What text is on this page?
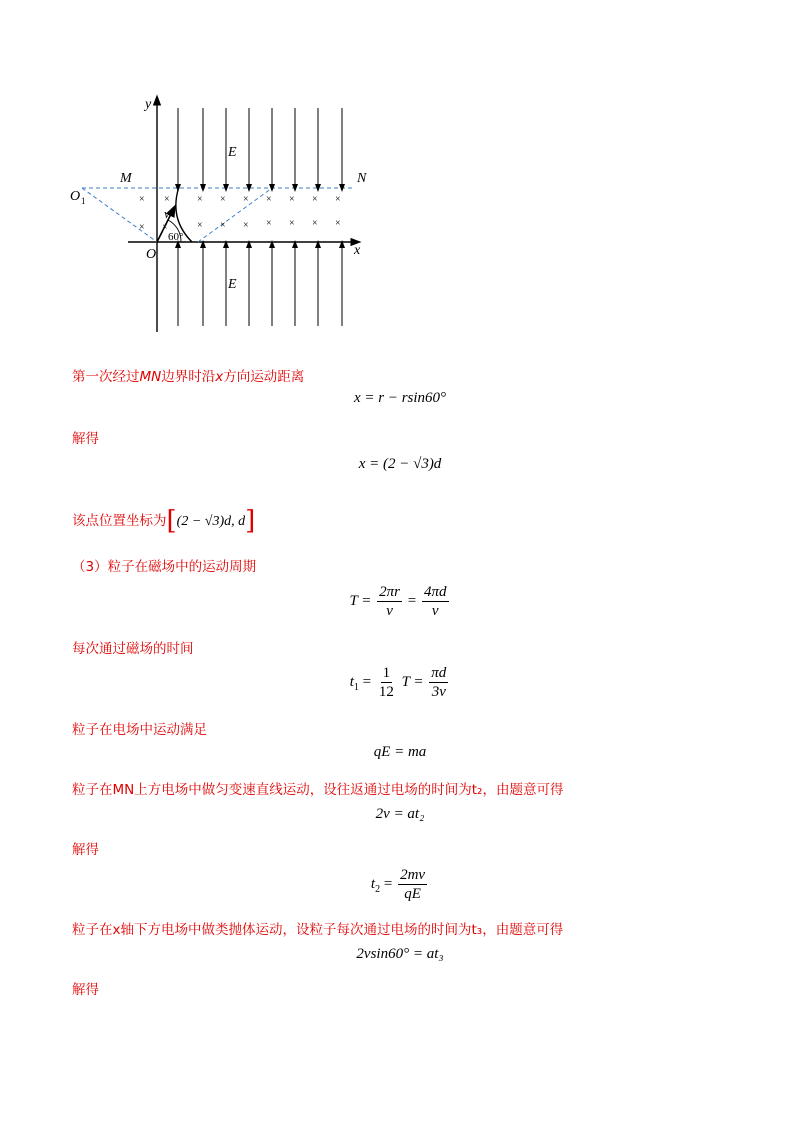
× ×
× ×
× × × × × × ×
× × × × × ×
×
y
x
E
E
M	N
O 1
O
v
60°
第一次经过MN边界时沿x方向运动距离
x = r − rsin60°
解得
x = (2 − √3)d
该点位置坐标为[(2 − √3)d, d]
（3）粒子在磁场中的运动周期
$T = \frac{2\pi r}{v} = \frac{4\pi d}{v}$
每次通过磁场的时间
$t_1 = \frac{1}{12}$ $T = \frac{\pi d}{3v}$
粒子在电场中运动满足
qE = ma
粒子在MN上方电场中做匀变速直线运动，设往返通过电场的时间为t₂，由题意可得
2v = at₂
解得
$t_2 = \frac{2mv}{qE}$
粒子在x轴下方电场中做类抛体运动，设粒子每次通过电场的时间为t₃，由题意可得
2vsin60° = at₃
解得
